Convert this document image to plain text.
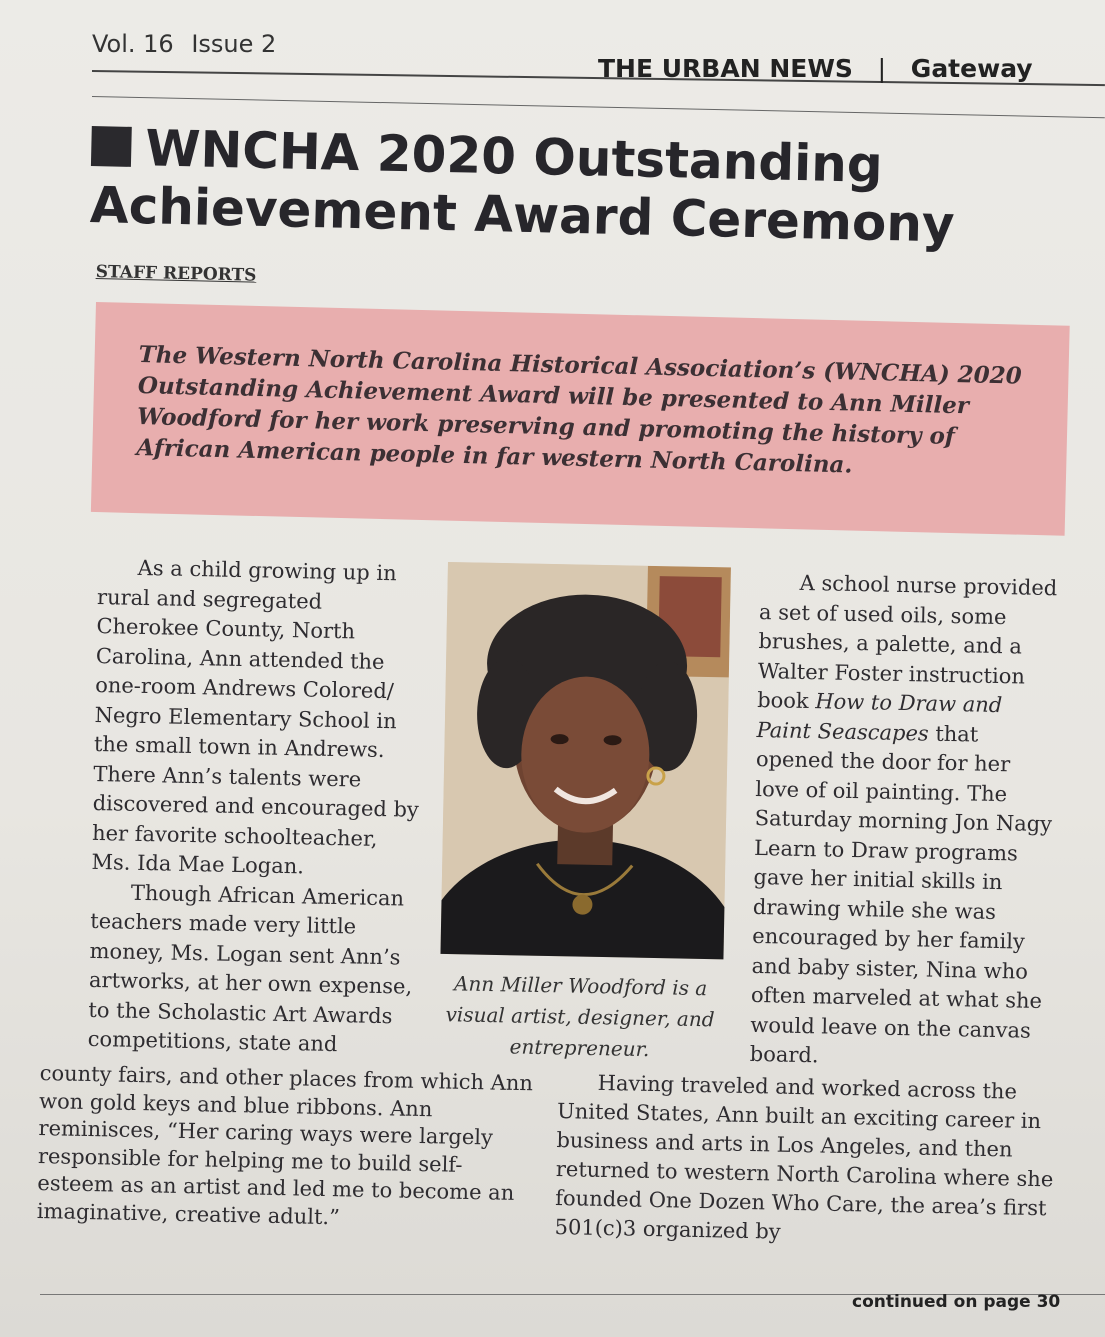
Vol. 16 Issue 2
THE URBAN NEWS | Gateway
WNCHA 2020 Outstanding
Achievement Award Ceremony
STAFF REPORTS

The Western North Carolina Historical Association’s (WNCHA) 2020 Outstanding Achievement Award will be presented to Ann Miller Woodford for her work preserving and promoting the history of African American people in far western North Carolina.

As a child growing up in rural and segregated Cherokee County, North Carolina, Ann attended the one-room Andrews Colored/ Negro Elementary School in the small town in Andrews. There Ann’s talents were discovered and encouraged by her favorite schoolteacher, Ms. Ida Mae Logan.

Though African American teachers made very little money, Ms. Logan sent Ann’s artworks, at her own expense, to the Scholastic Art Awards competitions, state and

Ann Miller Woodford is a visual artist, designer, and entrepreneur.

A school nurse provided a set of used oils, some brushes, a palette, and a Walter Foster instruction book How to Draw and Paint Seascapes that opened the door for her love of oil painting. The Saturday morning Jon Nagy Learn to Draw programs gave her initial skills in drawing while she was encouraged by her family and baby sister, Nina who often marveled at what she would leave on the canvas board.

county fairs, and other places from which Ann won gold keys and blue ribbons. Ann reminisces, “Her caring ways were largely responsible for helping me to build self-esteem as an artist and led me to become an imaginative, creative adult.”

Having traveled and worked across the United States, Ann built an exciting career in business and arts in Los Angeles, and then returned to western North Carolina where she founded One Dozen Who Care, the area’s first 501(c)3 organized by

continued on page 30
